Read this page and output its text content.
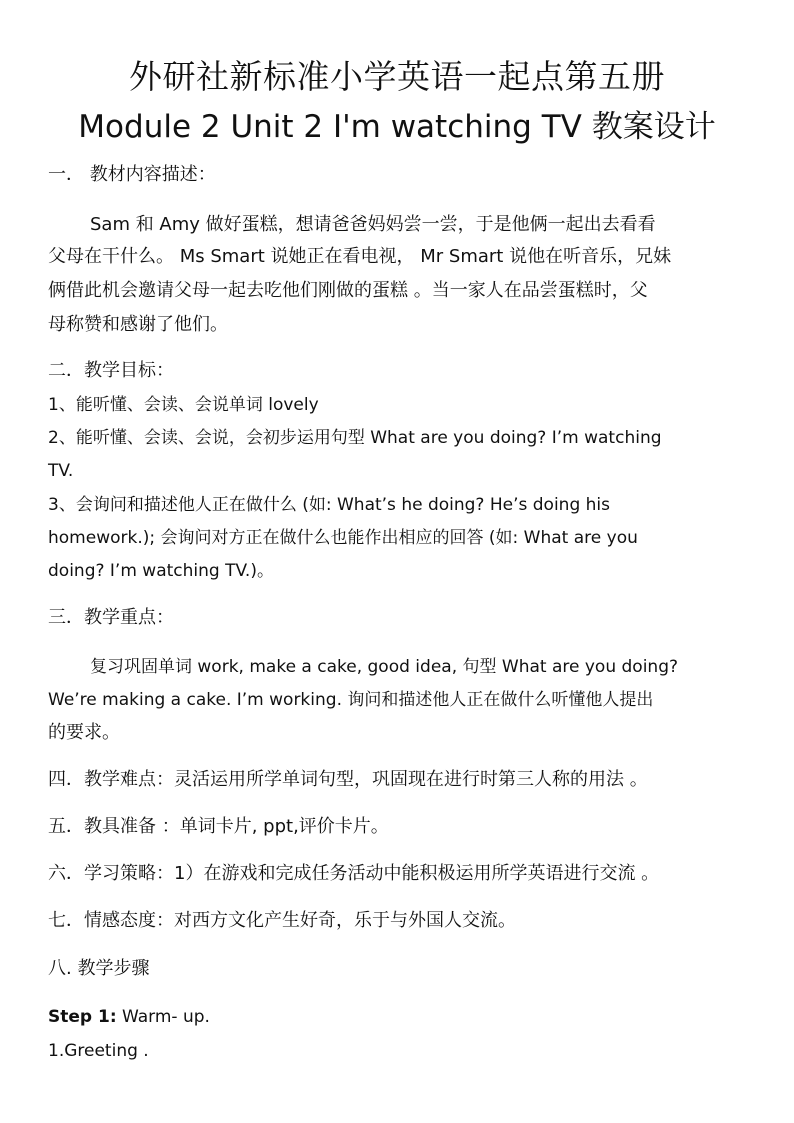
外研社新标准小学英语一起点第五册
Module 2 Unit 2 I'm watching TV 教案设计
一． 教材内容描述：
Sam 和 Amy 做好蛋糕，想请爸爸妈妈尝一尝，于是他俩一起出去看看
父母在干什么。 Ms Smart 说她正在看电视， Mr Smart 说他在听音乐，兄妹
俩借此机会邀请父母一起去吃他们刚做的蛋糕 。当一家人在品尝蛋糕时，父
母称赞和感谢了他们。
二．教学目标：
1、能听懂、会读、会说单词 lovely
2、能听懂、会读、会说，会初步运用句型 What are you doing? I’m watching
TV.
3、会询问和描述他人正在做什么 (如: What’s he doing? He’s doing his
homework.); 会询问对方正在做什么也能作出相应的回答 (如: What are you
doing? I’m watching TV.)。
三．教学重点：
复习巩固单词 work, make a cake, good idea, 句型 What are you doing?
We’re making a cake. I’m working. 询问和描述他人正在做什么听懂他人提出
的要求。
四．教学难点：灵活运用所学单词句型，巩固现在进行时第三人称的用法 。
五．教具准备 ：单词卡片, ppt,评价卡片。
六．学习策略：1）在游戏和完成任务活动中能积极运用所学英语进行交流 。
七．情感态度：对西方文化产生好奇，乐于与外国人交流。
八. 教学步骤
Step 1: Warm- up.
1.Greeting .
